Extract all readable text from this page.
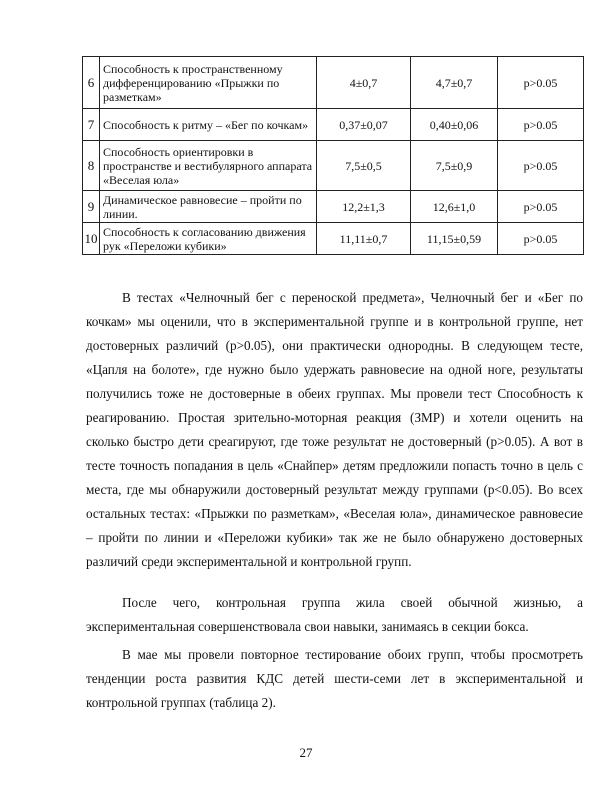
6	Способность к пространственному дифференцированию «Прыжки по разметкам»	4±0,7	4,7±0,7	p>0.05
7	Способность к ритму – «Бег по кочкам»	0,37±0,07	0,40±0,06	p>0.05
8	Способность ориентировки в пространстве и вестибулярного аппарата «Веселая юла»	7,5±0,5	7,5±0,9	p>0.05
9	Динамическое равновесие – пройти по линии.	12,2±1,3	12,6±1,0	p>0.05
10	Способность к согласованию движения рук «Переложи кубики»	11,11±0,7	11,15±0,59	p>0.05

В тестах «Челночный бег с переноской предмета», Челночный бег и «Бег по кочкам» мы оценили, что в экспериментальной группе и в контрольной группе, нет достоверных различий (p>0.05), они практически однородны. В следующем тесте, «Цапля на болоте», где нужно было удержать равновесие на одной ноге, результаты получились тоже не достоверные в обеих группах. Мы провели тест Способность к реагированию. Простая зрительно-моторная реакция (ЗМР) и хотели оценить на сколько быстро дети среагируют, где тоже результат не достоверный (p>0.05). А вот в тесте точность попадания в цель «Снайпер» детям предложили попасть точно в цель с места, где мы обнаружили достоверный результат между группами (p<0.05). Во всех остальных тестах: «Прыжки по разметкам», «Веселая юла», динамическое равновесие – пройти по линии и «Переложи кубики» так же не было обнаружено достоверных различий среди экспериментальной и контрольной групп.

После чего, контрольная группа жила своей обычной жизнью, а экспериментальная совершенствовала свои навыки, занимаясь в секции бокса.

В мае мы провели повторное тестирование обоих групп, чтобы просмотреть тенденции роста развития КДС детей шести-семи лет в экспериментальной и контрольной группах (таблица 2).

27
